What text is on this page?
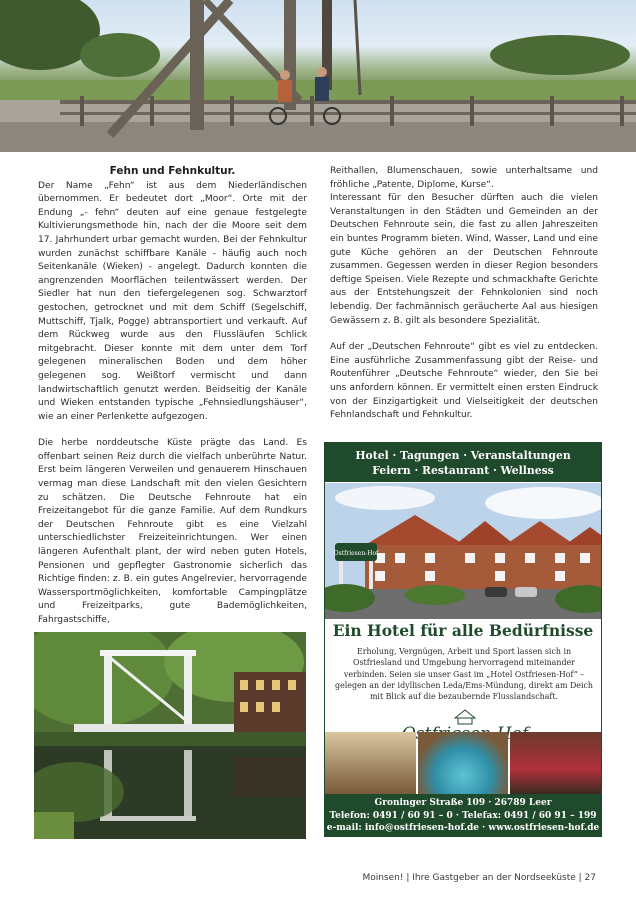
Fehn und Fehnkultur.

Der Name „Fehn“ ist aus dem Niederländischen übernommen. Er bedeutet dort „Moor“. Orte mit der Endung „- fehn“ deuten auf eine genaue festgelegte Kultivierungsmethode hin, nach der die Moore seit dem 17. Jahrhundert urbar gemacht wurden. Bei der Fehnkultur wurden zunächst schiffbare Kanäle - häufig auch noch Seitenkanäle (Wieken) - angelegt. Dadurch konnten die angrenzenden Moorflächen teilentwässert werden. Der Siedler hat nun den tiefergelegenen sog. Schwarztorf gestochen, getrocknet und mit dem Schiff (Segelschiff, Muttschiff, Tjalk, Pogge) abtransportiert und verkauft. Auf dem Rückweg wurde aus den Flussläufen Schlick mitgebracht. Dieser konnte mit dem unter dem Torf gelegenen mineralischen Boden und dem höher gelegenen sog. Weißtorf vermischt und dann landwirtschaftlich genutzt werden. Beidseitig der Kanäle und Wieken entstanden typische „Fehnsiedlungshäuser“, wie an einer Perlenkette aufgezogen.

Die herbe norddeutsche Küste prägte das Land. Es offenbart seinen Reiz durch die vielfach unberührte Natur. Erst beim längeren Verweilen und genauerem Hinschauen vermag man diese Landschaft mit den vielen Gesichtern zu schätzen. Die Deutsche Fehnroute hat ein Freizeitangebot für die ganze Familie. Auf dem Rundkurs der Deutschen Fehnroute gibt es eine Vielzahl unterschiedlichster Freizeiteinrichtungen. Wer einen längeren Aufenthalt plant, der wird neben guten Hotels, Pensionen und gepflegter Gastronomie sicherlich das Richtige finden: z. B. ein gutes Angelrevier, hervorragende Wassersportmöglichkeiten, komfortable Campingplätze und Freizeitparks, gute Bademöglichkeiten, Fahrgastschiffe,

Reithallen, Blumenschauen, sowie unterhaltsame und fröhliche „Patente, Diplome, Kurse“.

Interessant für den Besucher dürften auch die vielen Veranstaltungen in den Städten und Gemeinden an der Deutschen Fehnroute sein, die fast zu allen Jahreszeiten ein buntes Programm bieten. Wind, Wasser, Land und eine gute Küche gehören an der Deutschen Fehnroute zusammen. Gegessen werden in dieser Region besonders deftige Speisen. Viele Rezepte und schmackhafte Gerichte aus der Entstehungszeit der Fehnkolonien sind noch lebendig. Der fachmännisch geräucherte Aal aus hiesigen Gewässern z. B. gilt als besondere Spezialität.

Auf der „Deutschen Fehnroute“ gibt es viel zu entdecken. Eine ausführliche Zusammenfassung gibt der Reise- und Routenführer „Deutsche Fehnroute“ wieder, den Sie bei uns anfordern können. Er vermittelt einen ersten Eindruck von der Einzigartigkeit und Vielseitigkeit der deutschen Fehnlandschaft und Fehnkultur.

Hotel · Tagungen · Veranstaltungen
Feiern · Restaurant · Wellness
Ostfriesen-Hof
Ein Hotel für alle Bedürfnisse
Erholung, Vergnügen, Arbeit und Sport lassen sich in Ostfriesland und Umgebung hervorragend miteinander verbinden. Seien sie unser Gast im „Hotel Ostfriesen-Hof“ – gelegen an der idyllischen Leda/Ems-Mündung, direkt am Deich mit Blick auf die bezaubernde Flusslandschaft.
Groninger Straße 109 · 26789 Leer
Telefon: 0491 / 60 91 – 0 · Telefax: 0491 / 60 91 – 199
e-mail: info@ostfriesen-hof.de · www.ostfriesen-hof.de
Moinsen! | Ihre Gastgeber an der Nordseeküste | 27
